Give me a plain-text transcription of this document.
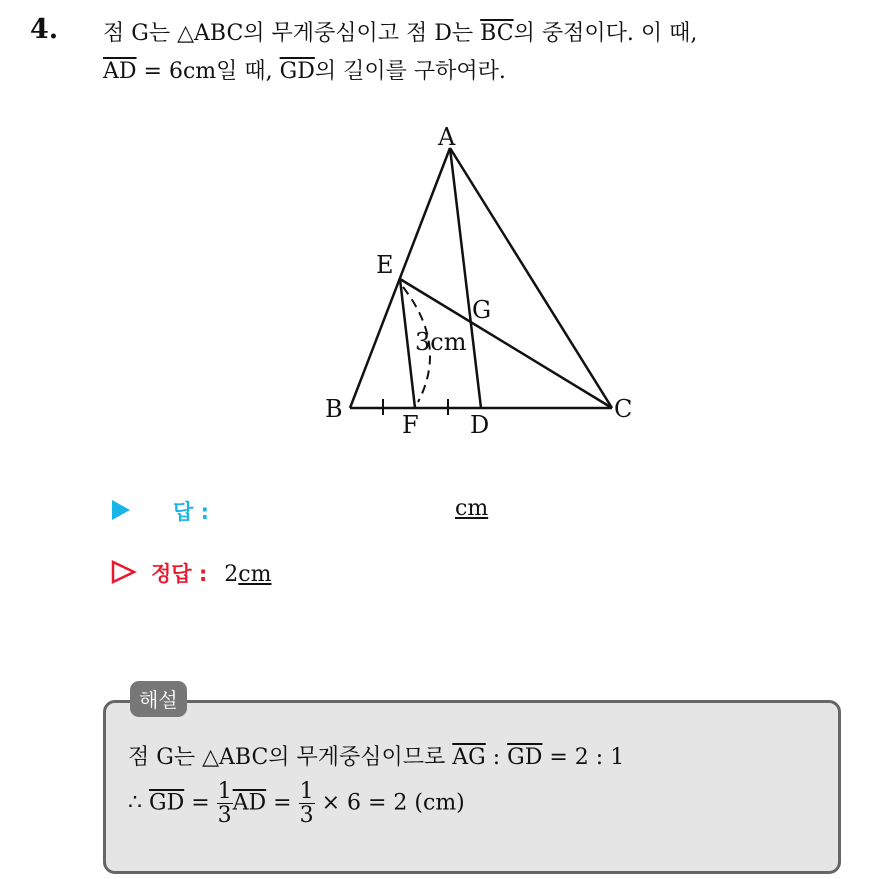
4. 점 G는 △ABC의 무게중심이고 점 D는 $\overline{BC}$의 중점이다. 이 때,
$\overline{AD} = 6cm$일 때, $\overline{GD}$의 길이를 구하여라.
A
B	C
D
E
F
G
3cm
답 :	cm
정답 : 2cm
해설
점 G는 △ABC의 무게중심이므로 $\overline{AG}$ : $\overline{GD} = 2$ : 1
∴ $\overline{GD} = \frac{1}{3} \overline{AD} = \frac{1}{3} \times 6 = 2$ (cm)
